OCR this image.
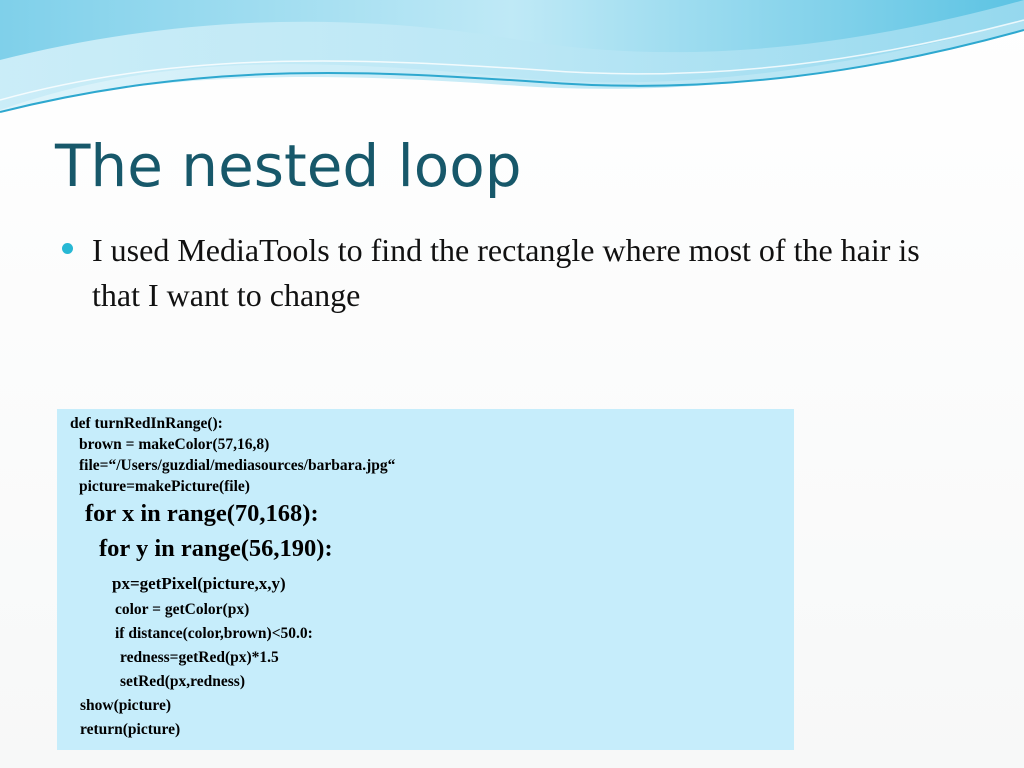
The nested loop
I used MediaTools to find the rectangle where most of the hair is that I want to change
def turnRedInRange():
brown = makeColor(57,16,8)
file=“/Users/guzdial/mediasources/barbara.jpg“
picture=makePicture(file)
for x in range(70,168):
for y in range(56,190):
px=getPixel(picture,x,y)
color = getColor(px)
if distance(color,brown)<50.0:
redness=getRed(px)*1.5
setRed(px,redness)
show(picture)
return(picture)
